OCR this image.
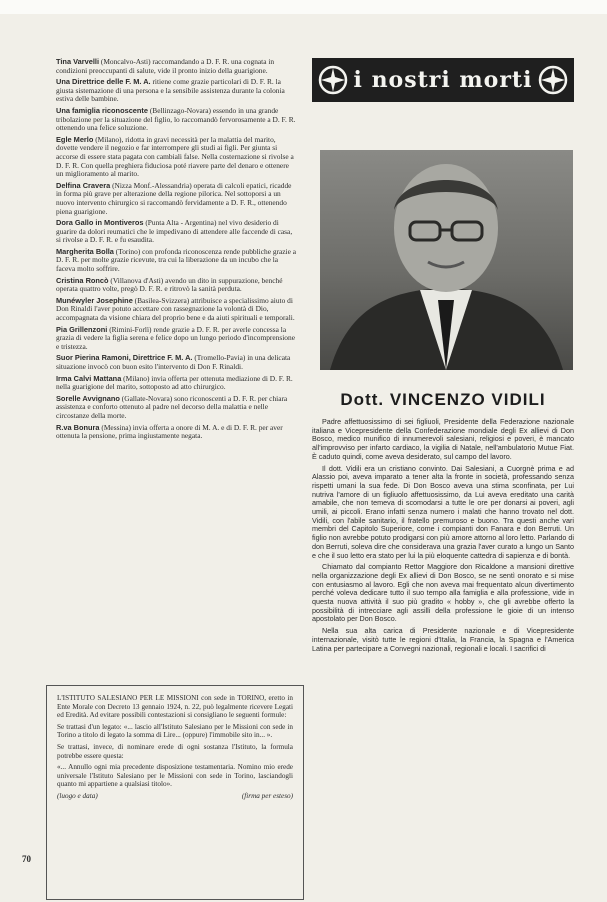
Tina Varvelli (Moncalvo-Asti) raccomandando a D. F. R. una cognata in condizioni preoccupanti di salute, vide il pronto inizio della guarigione.
Una Direttrice delle F. M. A. ritiene come grazie particolari di D. F. R. la giusta sistemazione di una persona e la sensibile assistenza durante la colonia estiva delle bambine.
Una famiglia riconoscente (Bellinzago-Novara) essendo in una grande tribolazione per la situazione del figlio, lo raccomandò fervorosamente a D. F. R. ottenendo una felice soluzione.
Egle Merlo (Milano), ridotta in gravi necessità per la malattia del marito, dovette vendere il negozio e far interrompere gli studi ai figli. Per giunta si accorse di essere stata pagata con cambiali false. Nella costernazione si rivolse a D. F. R. Con quella preghiera fiduciosa poté riavere parte del denaro e ottenere un miglioramento al marito.
Delfina Cravera (Nizza Monf.-Alessandria) operata di calcoli epatici, ricadde in forma più grave per alterazione della regione pilorica. Nel sottoporsi a un nuovo intervento chirurgico si raccomandò fervidamente a D. F. R., ottenendo piena guarigione.
Dora Gallo in Montiveros (Punta Alta - Argentina) nel vivo desiderio di guarire da dolori reumatici che le impedivano di attendere alle faccende di casa, si rivolse a D. F. R. e fu esaudita.
Margherita Bolla (Torino) con profonda riconoscenza rende pubbliche grazie a D. F. R. per molte grazie ricevute, tra cui la liberazione da un incubo che la faceva molto soffrire.
Cristina Roncò (Villanova d'Asti) avendo un dito in suppurazione, benché operata quattro volte, pregò D. F. R. e ritrovò la sanità perduta.
Munéwyler Josephine (Basilea-Svizzera) attribuisce a specialissimo aiuto di Don Rinaldi l'aver potuto accettare con rassegnazione la volontà di Dio, accompagnata da visione chiara del proprio bene e da aiuti spirituali e temporali.
Pia Grillenzoni (Rimini-Forlì) rende grazie a D. F. R. per averle concessa la grazia di vedere la figlia serena e felice dopo un lungo periodo d'incomprensione e tristezza.
Suor Pierina Ramoni, Direttrice F. M. A. (Tromello-Pavia) in una delicata situazione invocò con buon esito l'intervento di Don F. Rinaldi.
Irma Calvi Mattana (Milano) invia offerta per ottenuta mediazione di D. F. R. nella guarigione del marito, sottoposto ad atto chirurgico.
Sorelle Avvignano (Gallate-Novara) sono riconoscenti a D. F. R. per chiara assistenza e conforto ottenuto al padre nel decorso della malattia e nelle circostanze della morte.
R.va Bonura (Messina) invia offerta a onore di M. A. e di D. F. R. per aver ottenuta la pensione, prima ingiustamente negata.

L'ISTITUTO SALESIANO PER LE MISSIONI con sede in TORINO, eretto in Ente Morale con Decreto 13 gennaio 1924, n. 22, può legalmente ricevere Legati ed Eredità. Ad evitare possibili contestazioni si consigliano le seguenti formule:

Se trattasi d'un legato: «... lascio all'Istituto Salesiano per le Missioni con sede in Torino a titolo di legato la somma di Lire... (oppure) l'immobile sito in... ».

Se trattasi, invece, di nominare erede di ogni sostanza l'Istituto, la formula potrebbe essere questa:

«... Annullo ogni mia precedente disposizione testamentaria. Nomino mio erede universale l'Istituto Salesiano per le Missioni con sede in Torino, lasciandogli quanto mi appartiene a qualsiasi titolo».

(luogo e data)	(firma per esteso)
i nostri morti
Dott. VINCENZO VIDILI

Padre affettuosissimo di sei figliuoli, Presidente della Federazione nazionale italiana e Vicepresidente della Confederazione mondiale degli Ex allievi di Don Bosco, medico munifico di innumerevoli salesiani, religiosi e poveri, è mancato all'improvviso per infarto cardiaco, la vigilia di Natale, nell'ambulatorio Mutue Fiat. È caduto quindi, come aveva desiderato, sul campo del lavoro.

Il dott. Vidili era un cristiano convinto. Dai Salesiani, a Cuorgnè prima e ad Alassio poi, aveva imparato a tener alta la fronte in società, professando senza rispetti umani la sua fede. Di Don Bosco aveva una stima sconfinata, per Lui nutriva l'amore di un figliuolo affettuosissimo, da Lui aveva ereditato una carità amabile, che non temeva di scomodarsi a tutte le ore per donarsi ai poveri, agli umili, ai piccoli. Erano infatti senza numero i malati che hanno trovato nel dott. Vidili, con l'abile sanitario, il fratello premuroso e buono. Tra questi anche vari membri del Capitolo Superiore, come i compianti don Fanara e don Berruti. Un figlio non avrebbe potuto prodigarsi con più amore attorno al loro letto. Parlando di don Berruti, soleva dire che considerava una grazia l'aver curato a lungo un Santo e che il suo letto era stato per lui la più eloquente cattedra di sapienza e di bontà.

Chiamato dal compianto Rettor Maggiore don Ricaldone a mansioni direttive nella organizzazione degli Ex allievi di Don Bosco, se ne sentì onorato e si mise con entusiasmo al lavoro. Egli che non aveva mai frequentato alcun divertimento perché voleva dedicare tutto il suo tempo alla famiglia e alla professione, vide in questa nuova attività il suo più gradito « hobby », che gli avrebbe offerto la possibilità di intrecciare agli assilli della professione le gioie di un intenso apostolato per Don Bosco.

Nella sua alta carica di Presidente nazionale e di Vicepresidente internazionale, visitò tutte le regioni d'Italia, la Francia, la Spagna e l'America Latina per partecipare a Convegni nazionali, regionali e locali. I sacrifici di

70
